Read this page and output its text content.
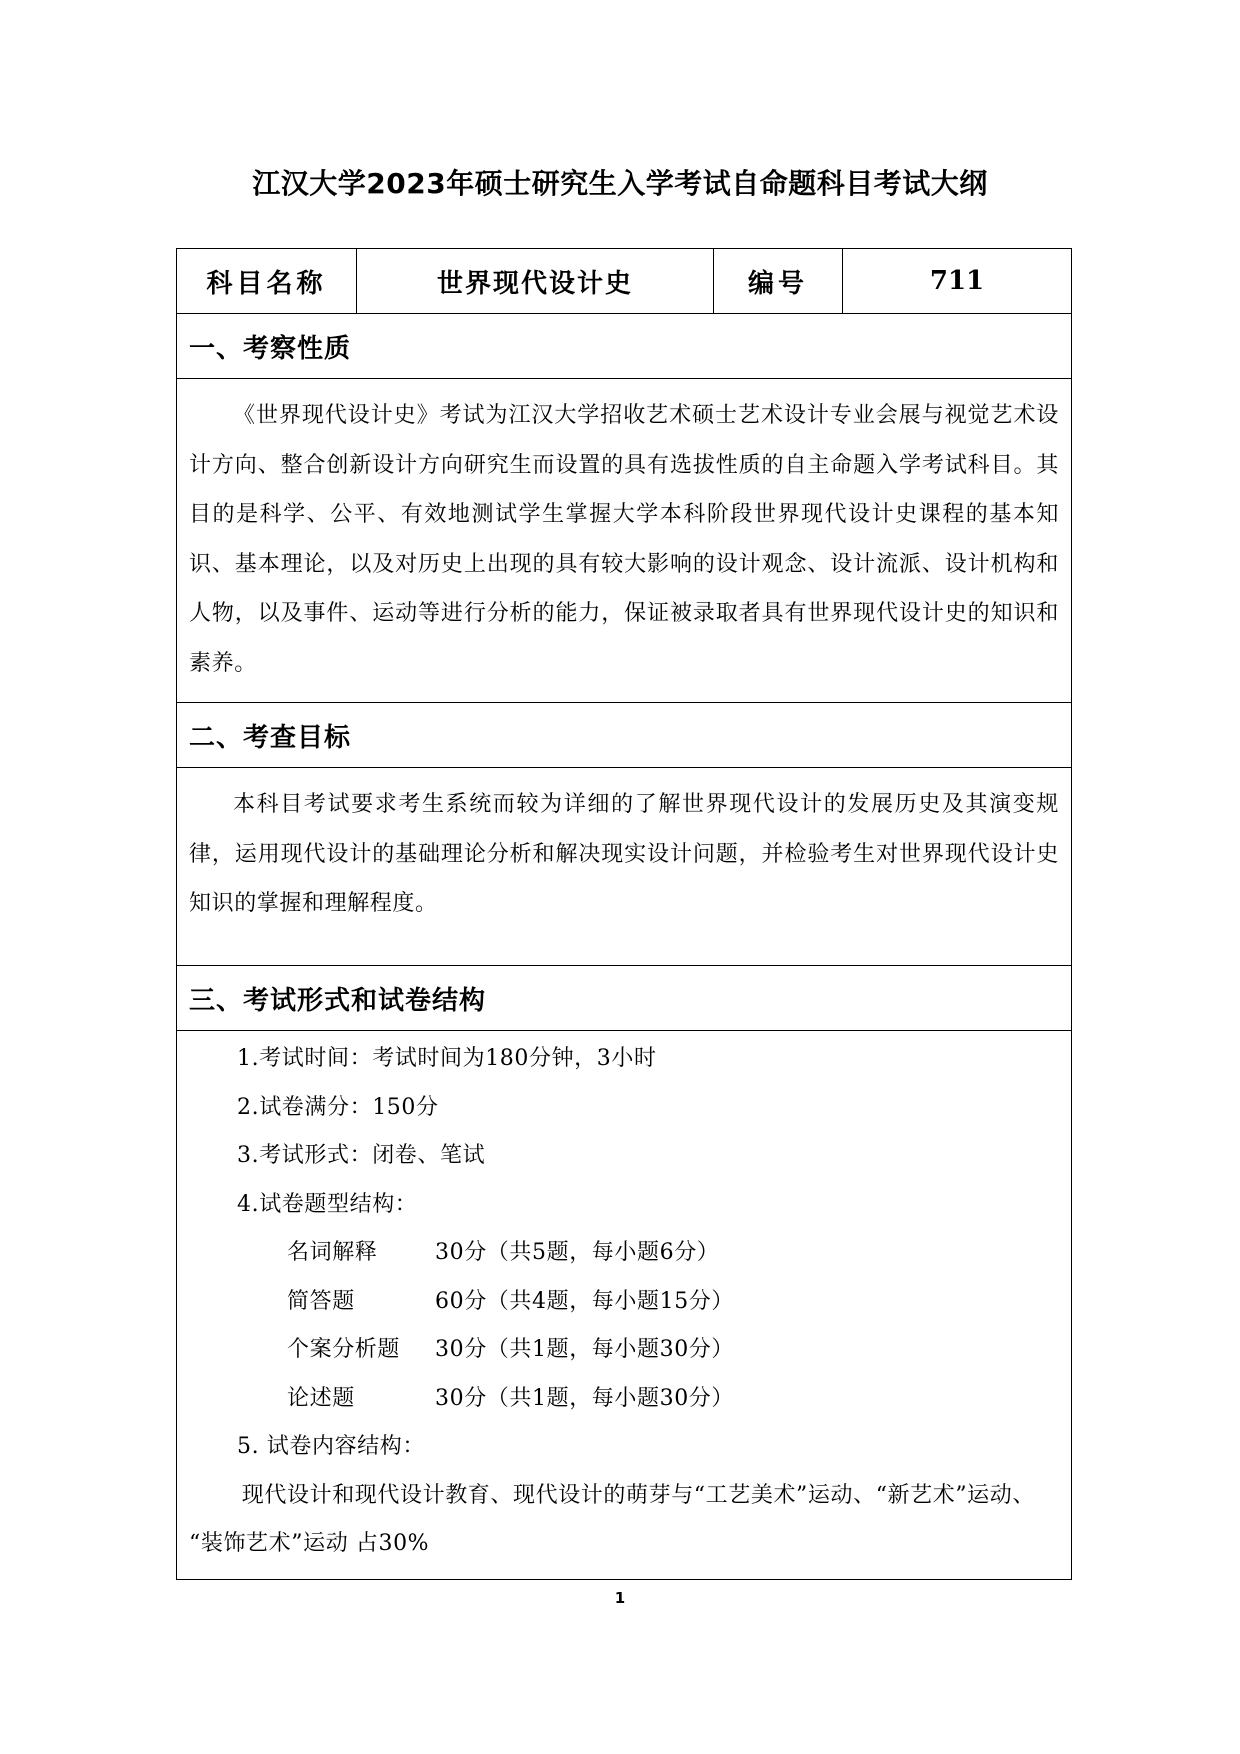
江汉大学2023年硕士研究生入学考试自命题科目考试大纲
科目名称	世界现代设计史	编号	711
一、考察性质

《世界现代设计史》考试为江汉大学招收艺术硕士艺术设计专业会展与视觉艺术设计方向、整合创新设计方向研究生而设置的具有选拔性质的自主命题入学考试科目。其目的是科学、公平、有效地测试学生掌握大学本科阶段世界现代设计史课程的基本知识、基本理论，以及对历史上出现的具有较大影响的设计观念、设计流派、设计机构和人物，以及事件、运动等进行分析的能力，保证被录取者具有世界现代设计史的知识和素养。

二、考查目标

本科目考试要求考生系统而较为详细的了解世界现代设计的发展历史及其演变规律，运用现代设计的基础理论分析和解决现实设计问题，并检验考生对世界现代设计史知识的掌握和理解程度。

三、考试形式和试卷结构

1.考试时间：考试时间为180分钟，3小时
2.试卷满分：150分
3.考试形式：闭卷、笔试
4.试卷题型结构：
名词解释	30分（共5题，每小题6分）
简答题	60分（共4题，每小题15分）
个案分析题	30分（共1题，每小题30分）
论述题	30分（共1题，每小题30分）
5. 试卷内容结构：

现代设计和现代设计教育、现代设计的萌芽与“工艺美术”运动、“新艺术”运动、 “装饰艺术”运动 占30%

1
